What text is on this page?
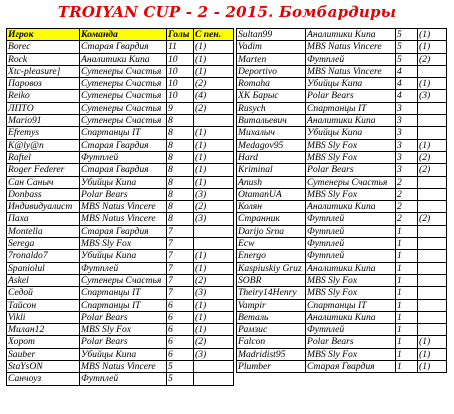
TROIYAN CUP - 2 - 2015. Бомбардиры
Игрок	Команда	Голы	С пен.
Borec	Старая Гвардия	11	(1)
Rock	Аналитики Кипа	10	(1)
Xtc-pleasure]	Сутенеры Счастья	10	(1)
Паровоз	Сутенеры Счастья	10	(2)
Reiko	Сутенеры Счастья	10	(4)
ЛПТО	Сутенеры Счастья	9	(2)
Mario91	Сутенеры Счастья	8	
Efremys	Спартанцы IT	8	(1)
K@ly@n	Старая Гвардия	8	(1)
Raftel	Футплей	8	(1)
Roger Federer	Старая Гвардия	8	(1)
Сан Саныч	Убийцы Кипа	8	(1)
Donbass	Polar Bears	8	(3)
Индивидуалист	MBS Natus Vincere	8	(2)
Паха	MBS Natus Vincere	8	(3)
Montella	Старая Гвардия	7	
Serega	MBS Sly Fox	7	
7ronaldo7	Убийцы Кипа	7	(1)
Spaniolul	Футплей	7	(1)
Askel	Сутенеры Счастья	7	(2)
Седой	Спартанцы IT	7	(3)
Тайсон	Спартанцы IT	6	(1)
Vikli	Polar Bears	6	(1)
Милан12	MBS Sly Fox	6	(1)
Хорот	Polar Bears	6	(2)
Sauber	Убийцы Кипа	6	(3)
StaYsON	MBS Natus Vincere	5	
Санчоуз	Футплей	5	
Sultan99	Аналитики Кипа	5	(1)
Vadim	MBS Natus Vincere	5	(1)
Marten	Футплей	5	(2)
Deportivo	MBS Natus Vincere	4	
Romaha	Убийцы Кипа	4	(1)
ХК Барыс	Polar Bears	4	(3)
Rusych	Спартанцы IT	3	
Витальевич	Аналитики Кипа	3	
Михалыч	Убийцы Кипа	3	
Medagov95	MBS Sly Fox	3	(1)
Hard	MBS Sly Fox	3	(2)
Kriminal	Polar Bears	3	(2)
Anush	Сутенеры Счастья	2	
OtamanUA	MBS Sly Fox	2	
Колян	Аналитики Кипа	2	
Странник	Футплей	2	(2)
Darijo Srna	Футплей	1	
Ecw	Футплей	1	
Energo	Футплей	1	
Kaspiuskiy Gruz	Аналитики Кипа	1	
SOBR	MBS Sly Fox	1	
Theiry14Henry	MBS Sly Fox	1	
Vampir	Спартанцы IT	1	
Веталь	Аналитики Кипа	1	
Рамзис	Футплей	1	
Falcon	Polar Bears	1	(1)
Madridist95	MBS Sly Fox	1	(1)
Plumber	Старая Гвардия	1	(1)
